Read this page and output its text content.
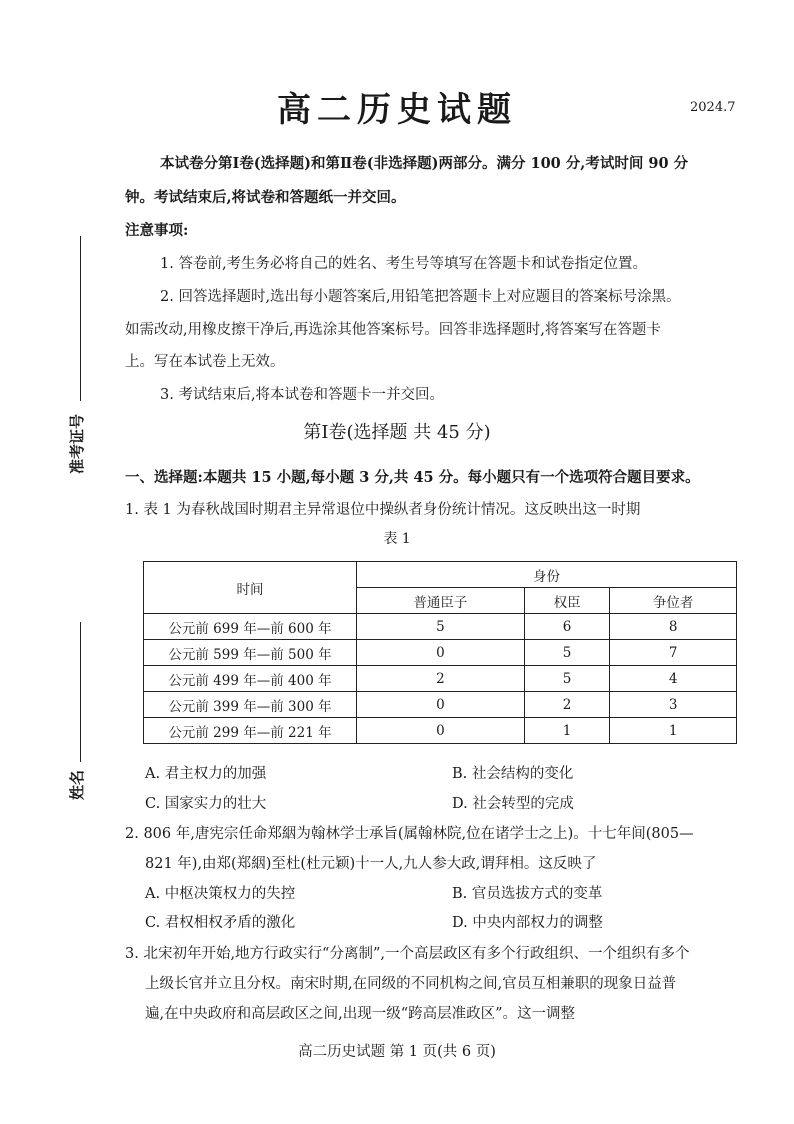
高二历史试题	2024.7
准考证号
姓名
本试卷分第Ⅰ卷(选择题)和第Ⅱ卷(非选择题)两部分。满分 100 分,考试时间 90 分
钟。考试结束后,将试卷和答题纸一并交回。
注意事项:
1. 答卷前,考生务必将自己的姓名、考生号等填写在答题卡和试卷指定位置。
2. 回答选择题时,选出每小题答案后,用铅笔把答题卡上对应题目的答案标号涂黑。
如需改动,用橡皮擦干净后,再选涂其他答案标号。回答非选择题时,将答案写在答题卡
上。写在本试卷上无效。
3. 考试结束后,将本试卷和答题卡一并交回。
第Ⅰ卷(选择题 共 45 分)
一、选择题:本题共 15 小题,每小题 3 分,共 45 分。每小题只有一个选项符合题目要求。
1. 表 1 为春秋战国时期君主异常退位中操纵者身份统计情况。这反映出这一时期
表 1
时间	身份		
	普通臣子	权臣	争位者
公元前 699 年—前 600 年	5	6	8
公元前 599 年—前 500 年	0	5	7
公元前 499 年—前 400 年	2	5	4
公元前 399 年—前 300 年	0	2	3
公元前 299 年—前 221 年	0	1	1
A. 君主权力的加强	B. 社会结构的变化
C. 国家实力的壮大	D. 社会转型的完成
2. 806 年,唐宪宗任命郑絪为翰林学士承旨(属翰林院,位在诸学士之上)。十七年间(805—
821 年),由郑(郑絪)至杜(杜元颖)十一人,九人参大政,谓拜相。这反映了
A. 中枢决策权力的失控	B. 官员选拔方式的变革
C. 君权相权矛盾的激化	D. 中央内部权力的调整
3. 北宋初年开始,地方行政实行“分离制”,一个高层政区有多个行政组织、一个组织有多个
上级长官并立且分权。南宋时期,在同级的不同机构之间,官员互相兼职的现象日益普
遍,在中央政府和高层政区之间,出现一级“跨高层准政区”。这一调整
高二历史试题 第 1 页(共 6 页)
